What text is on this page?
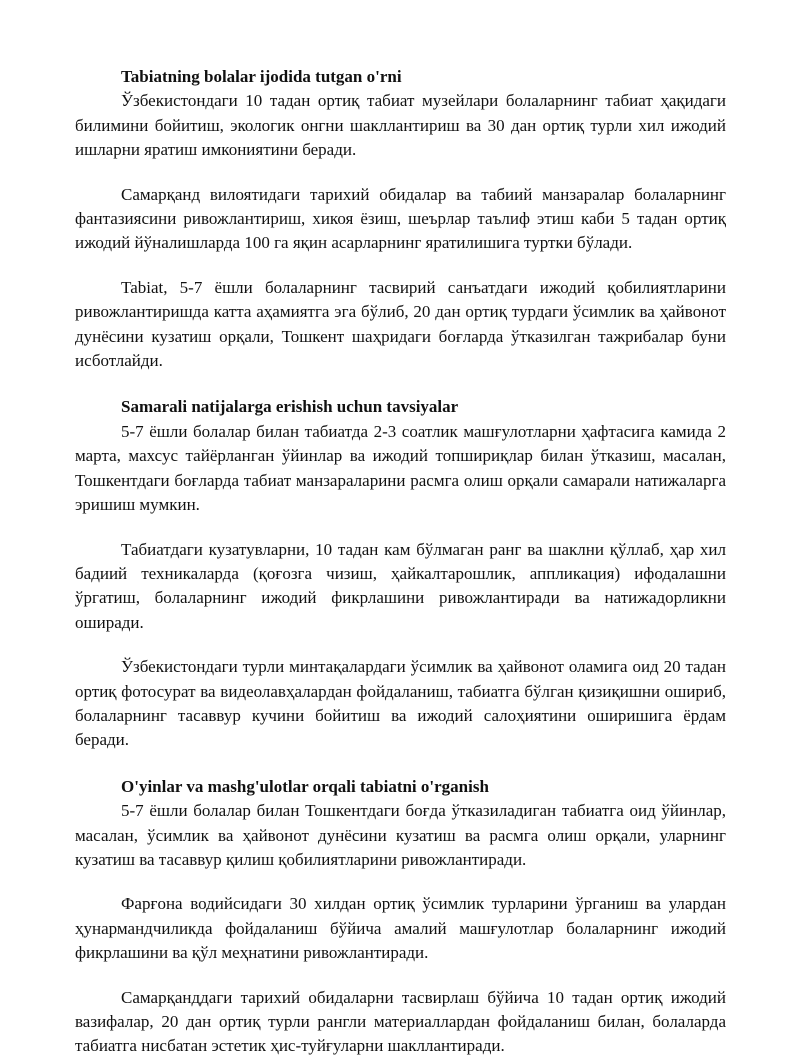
Tabiatning bolalar ijodida tutgan o'rni

Ўзбекистондаги 10 тадан ортиқ табиат музейлари болаларнинг табиат ҳақидаги билимини бойитиш, экологик онгни шакллантириш ва 30 дан ортиқ турли хил ижодий ишларни яратиш имкониятини беради.

Самарқанд вилоятидаги тарихий обидалар ва табиий манзаралар болаларнинг фантазиясини ривожлантириш, хикоя ёзиш, шеърлар таълиф этиш каби 5 тадан ортиқ ижодий йўналишларда 100 га яқин асарларнинг яратилишига туртки бўлади.

Tabiat, 5-7 ёшли болаларнинг тасвирий санъатдаги ижодий қобилиятларини ривожлантиришда катта аҳамиятга эга бўлиб, 20 дан ортиқ турдаги ўсимлик ва ҳайвонот дунёсини кузатиш орқали, Тошкент шаҳридаги боғларда ўтказилган тажрибалар буни исботлайди.

Samarali natijalarga erishish uchun tavsiyalar

5-7 ёшли болалар билан табиатда 2-3 соатлик машғулотларни ҳафтасига камида 2 марта, махсус тайёрланган ўйинлар ва ижодий топшириқлар билан ўтказиш, масалан, Тошкентдаги боғларда табиат манзараларини расмга олиш орқали самарали натижаларга эришиш мумкин.

Табиатдаги кузатувларни, 10 тадан кам бўлмаган ранг ва шаклни қўллаб, ҳар хил бадиий техникаларда (қоғозга чизиш, ҳайкалтарошлик, аппликация) ифодалашни ўргатиш, болаларнинг ижодий фикрлашини ривожлантиради ва натижадорликни оширади.

Ўзбекистондаги турли минтақалардаги ўсимлик ва ҳайвонот оламига оид 20 тадан ортиқ фотосурат ва видеолавҳалардан фойдаланиш, табиатга бўлган қизиқишни ошириб, болаларнинг тасаввур кучини бойитиш ва ижодий салоҳиятини оширишига ёрдам беради.

O'yinlar va mashg'ulotlar orqali tabiatni o'rganish

5-7 ёшли болалар билан Тошкентдаги боғда ўтказиладиган табиатга оид ўйинлар, масалан, ўсимлик ва ҳайвонот дунёсини кузатиш ва расмга олиш орқали, уларнинг кузатиш ва тасаввур қилиш қобилиятларини ривожлантиради.

Фарғона водийсидаги 30 хилдан ортиқ ўсимлик турларини ўрганиш ва улардан ҳунармандчиликда фойдаланиш бўйича амалий машғулотлар болаларнинг ижодий фикрлашини ва қўл меҳнатини ривожлантиради.

Самарқанддаги тарихий обидаларни тасвирлаш бўйича 10 тадан ортиқ ижодий вазифалар, 20 дан ортиқ турли рангли материаллардан фойдаланиш билан, болаларда табиатга нисбатан эстетик ҳис-туйғуларни шакллантиради.
